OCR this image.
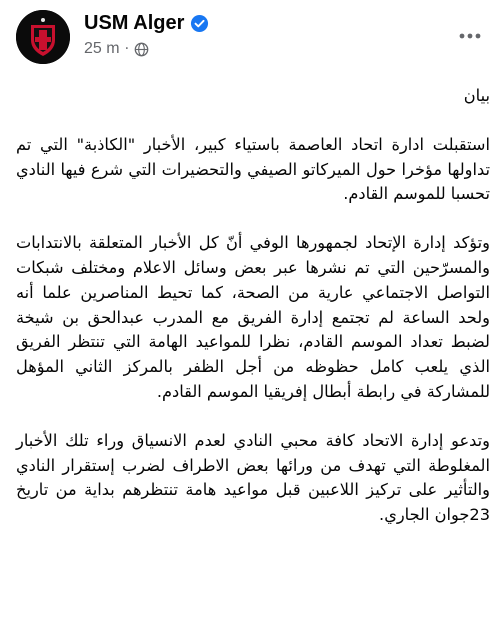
USM Alger
25 m ·

بيان

استقبلت ادارة اتحاد العاصمة باستياء كبير، الأخبار "الكاذبة" التي تم تداولها مؤخرا حول الميركاتو الصيفي والتحضيرات التي شرع فيها النادي تحسبا للموسم القادم.

وتؤكد إدارة الإتحاد لجمهورها الوفي أنّ كل الأخبار المتعلقة بالانتدابات والمسرّحين التي تم نشرها عبر بعض وسائل الاعلام ومختلف شبكات التواصل الاجتماعي عارية من الصحة، كما تحيط المناصرين علما أنه ولحد الساعة لم تجتمع إدارة الفريق مع المدرب عبدالحق بن شيخة لضبط تعداد الموسم القادم، نظرا للمواعيد الهامة التي تنتظر الفريق الذي يلعب كامل حظوظه من أجل الظفر بالمركز الثاني المؤهل للمشاركة في رابطة أبطال إفريقيا الموسم القادم.

وتدعو إدارة الاتحاد كافة محبي النادي لعدم الانسياق وراء تلك الأخبار المغلوطة التي تهدف من ورائها بعض الاطراف لضرب إستقرار النادي والتأثير على تركيز اللاعبين قبل مواعيد هامة تنتظرهم بداية من تاريخ 23جوان الجاري.
